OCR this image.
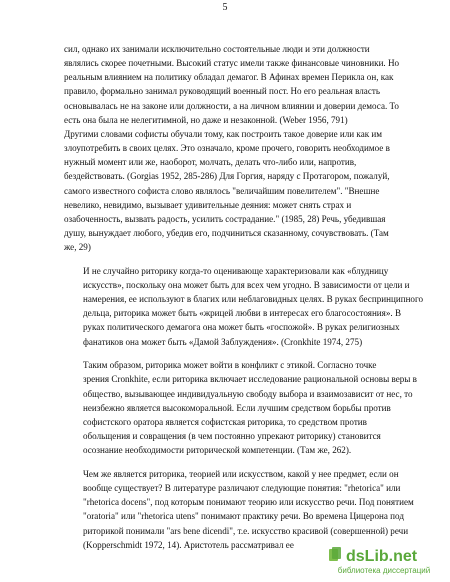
5
сил, однако их занимали исключительно состоятельные люди и эти должности
являлись скорее почетными. Высокий статус имели также финансовые чиновники. Но
реальным влиянием на политику обладал демагог. В Афинах времен Перикла он, как
правило, формально занимал руководящий военный пост. Но его реальная власть
основывалась не на законе или должности, а на личном влиянии и доверии демоса. То
есть она была не нелегитимной, но даже и незаконной. (Weber 1956, 791)
Другими словами софисты обучали тому, как построить такое доверие или как им
злоупотребить в своих целях. Это означало, кроме прочего, говорить необходимое в
нужный момент или же, наоборот, молчать, делать что-либо или, напротив,
бездействовать. (Gorgias 1952, 285-286) Для Горгия, наряду с Протагором, пожалуй,
самого известного софиста слово являлось "величайшим повелителем". "Внешне
невелико, невидимо, вызывает удивительные деяния: может снять страх и
озабоченность, вызвать радость, усилить сострадание." (1985, 28) Речь, убедившая
душу, вынуждает любого, убедив его, подчиниться сказанному, сочувствовать. (Там
же, 29)
И не случайно риторику когда-то оценивающе характеризовали как «блудницу
искусств», поскольку она может быть для всех чем угодно. В зависимости от цели и
намерения, ее используют в благих или неблаговидных целях. В руках беспринципного
дельца, риторика может быть «жрицей любви в интересах его благосостояния». В
руках политического демагога она может быть «госпожой». В руках религиозных
фанатиков она может быть «Дамой Заблуждения». (Cronkhite 1974, 275)
Таким образом, риторика может войти в конфликт с этикой. Согласно точке
зрения Cronkhite, если риторика включает исследование рациональной основы веры в
общество, вызывающее индивидуальную свободу выбора и взаимозависит от нес, то
неизбежно является высокоморальной. Если лучшим средством борьбы против
софистского оратора является софистская риторика, то средством против
обольщения и совращения (в чем постоянно упрекают риторику) становится
осознание необходимости риторической компетенции. (Там же, 262).
Чем же является риторика, теорией или искусством, какой у нее предмет, если он
вообще существует? В литературе различают следующие понятия: "rhetorica" или
"rhetorica docens", под которым понимают теорию или искусство речи. Под понятием
"oratoria" или "rhetorica utens" понимают практику речи. Во времена Цицерона под
риторикой понимали "ars bene dicendi", т.е. искусство красивой (совершенной) речи
(Kopperschmidt 1972, 14). Аристотель рассматривал ее
dsLib.net
библиотека диссертаций
